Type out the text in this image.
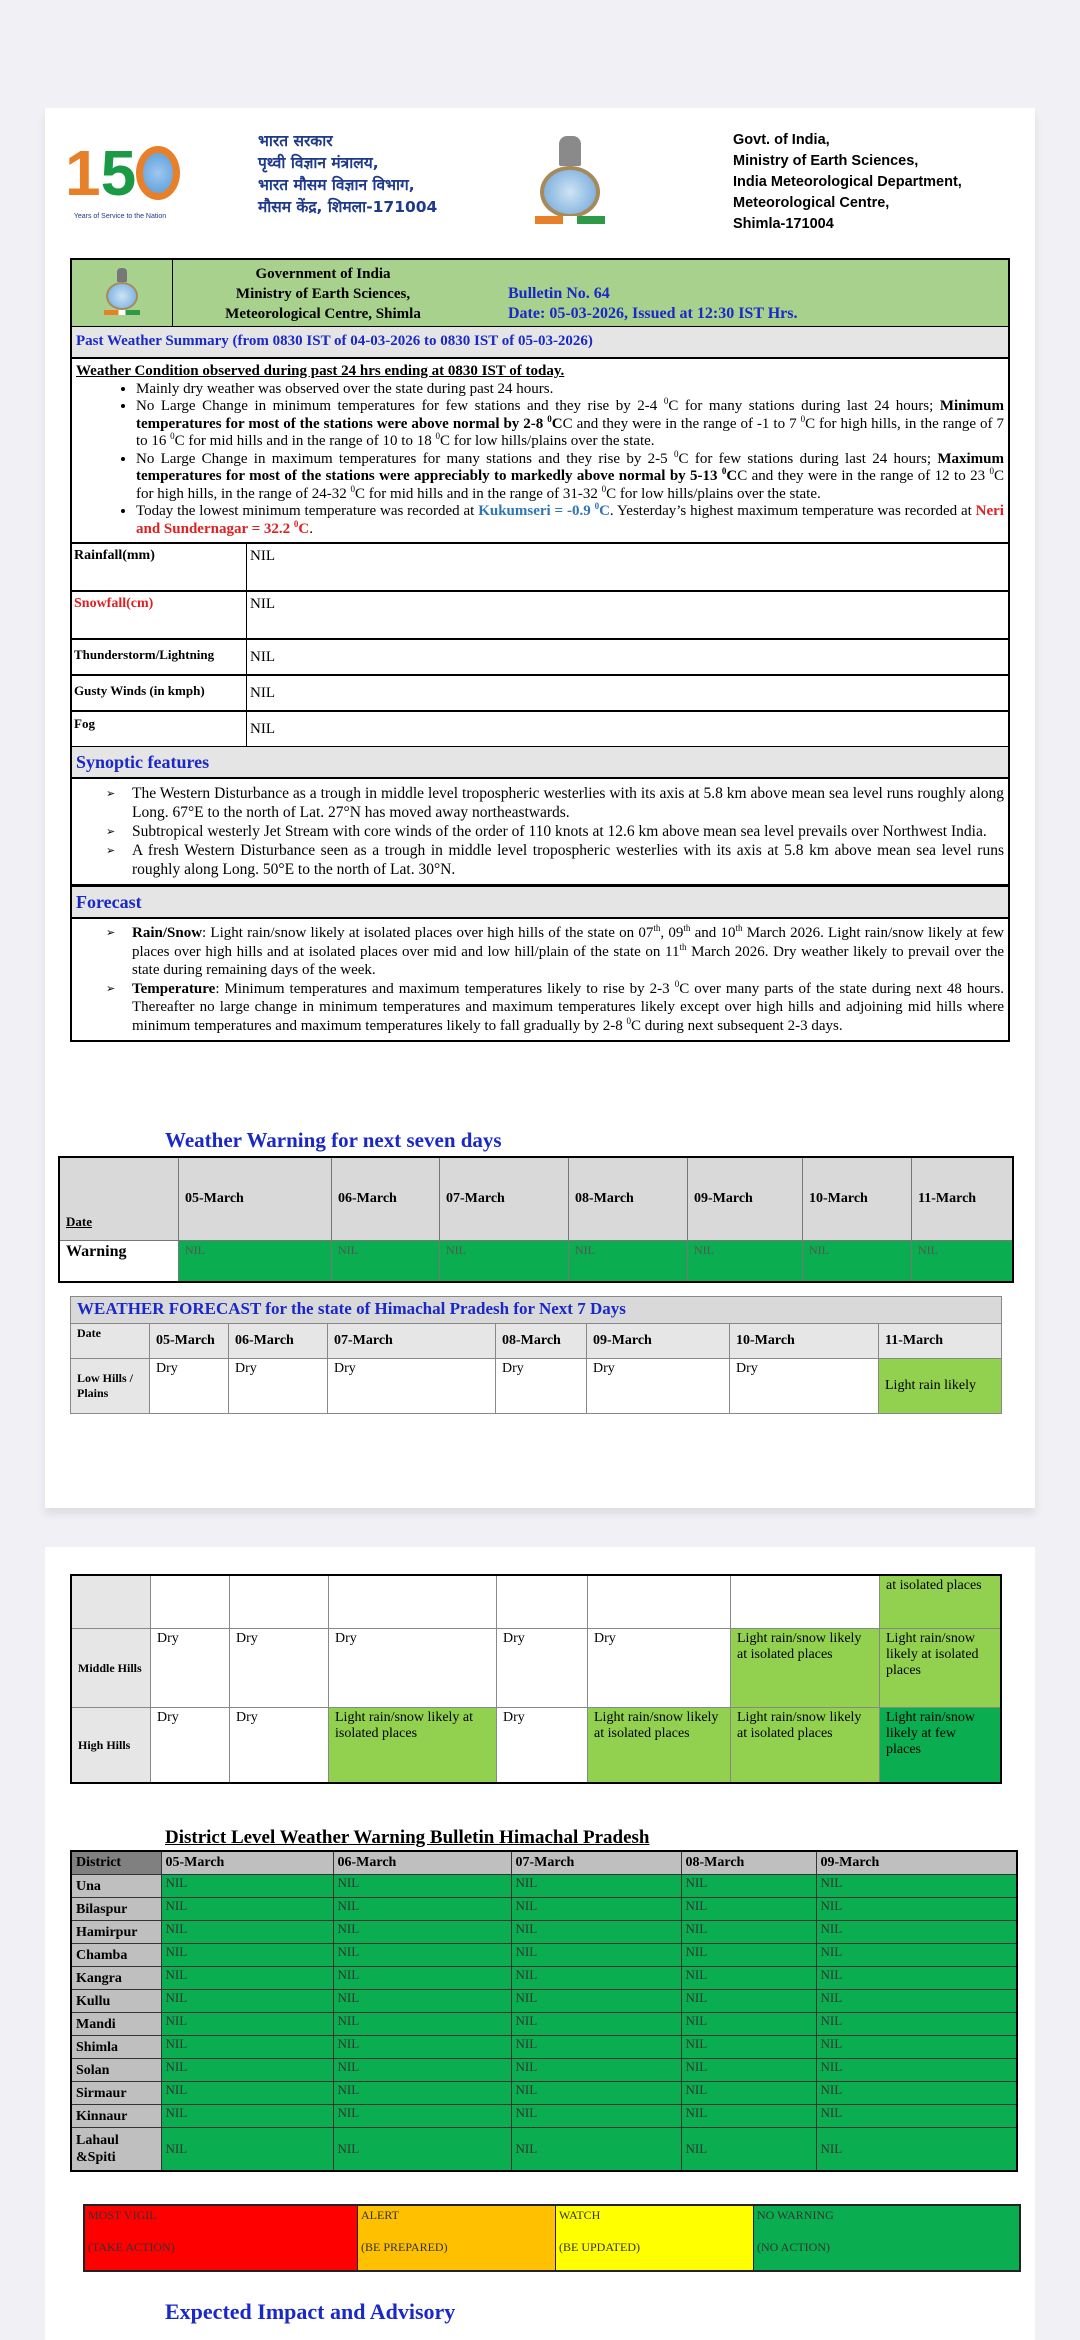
1 5
Years of Service to the Nation
भारत सरकार
पृथ्वी विज्ञान मंत्रालय,
भारत मौसम विज्ञान विभाग,
मौसम केंद्र, शिमला-171004
Govt. of India,
Ministry of Earth Sciences,
India Meteorological Department,
Meteorological Centre,
Shimla-171004
Government of India
Ministry of Earth Sciences,
Meteorological Centre, Shimla
Bulletin No. 64
Date: 05-03-2026, Issued at 12:30 IST Hrs.
Past Weather Summary (from 0830 IST of 04-03-2026 to 0830 IST of 05-03-2026)
Weather Condition observed during past 24 hrs ending at 0830 IST of today.
• Mainly dry weather was observed over the state during past 24 hours.
• No Large Change in minimum temperatures for few stations and they rise by 2-4 $^0$C for many stations during last 24 hours; Minimum temperatures for most of the stations were above normal by 2-8 $^0$CC and they were in the range of -1 to 7 $^0$C for high hills, in the range of 7 to 16 $^0$C for mid hills and in the range of 10 to 18 $^0$C for low hills/plains over the state.
• No Large Change in maximum temperatures for many stations and they rise by 2-5 $^0$C for few stations during last 24 hours; Maximum temperatures for most of the stations were appreciably to markedly above normal by 5-13 $^0$CC and they were in the range of 12 to 23 $^0$C for high hills, in the range of 24-32 $^0$C for mid hills and in the range of 31-32 $^0$C for low hills/plains over the state.
• Today the lowest minimum temperature was recorded at Kukumseri = -0.9 $^0$C. Yesterday’s highest maximum temperature was recorded at Neri and Sundernagar = 32.2 $^0$C.
Rainfall(mm)	NIL
Snowfall(cm)	NIL
Thunderstorm/Lightning	NIL
Gusty Winds (in kmph)	NIL
Fog	NIL
Synoptic features
➢ The Western Disturbance as a trough in middle level tropospheric westerlies with its axis at 5.8 km above mean sea level runs roughly along Long. 67°E to the north of Lat. 27°N has moved away northeastwards.
➢ Subtropical westerly Jet Stream with core winds of the order of 110 knots at 12.6 km above mean sea level prevails over Northwest India.
➢ A fresh Western Disturbance seen as a trough in middle level tropospheric westerlies with its axis at 5.8 km above mean sea level runs roughly along Long. 50°E to the north of Lat. 30°N.
Forecast
➢ Rain/Snow: Light rain/snow likely at isolated places over high hills of the state on 07th, 09th and 10th March 2026. Light rain/snow likely at few places over high hills and at isolated places over mid and low hill/plain of the state on 11th March 2026. Dry weather likely to prevail over the state during remaining days of the week.
➢ Temperature: Minimum temperatures and maximum temperatures likely to rise by 2-3 $^0$C over many parts of the state during next 48 hours. Thereafter no large change in minimum temperatures and maximum temperatures likely except over high hills and adjoining mid hills where minimum temperatures and maximum temperatures likely to fall gradually by 2-8 $^0$C during next subsequent 2-3 days.
Weather Warning for next seven days
Date	05-March	06-March	07-March	08-March	09-March	10-March	11-March
Warning	NIL	NIL	NIL	NIL	NIL	NIL	NIL
WEATHER FORECAST for the state of Himachal Pradesh for Next 7 Days							
Date	05-March	06-March	07-March	08-March	09-March	10-March	11-March
Low Hills / Plains	Dry	Dry	Dry	Dry	Dry	Dry	Light rain likely
							at isolated places
Middle Hills	Dry	Dry	Dry	Dry	Dry	Light rain/snow likely at isolated places	Light rain/snow likely at isolated places
High Hills	Dry	Dry	Light rain/snow likely at isolated places	Dry	Light rain/snow likely at isolated places	Light rain/snow likely at isolated places	Light rain/snow likely at few places
District Level Weather Warning Bulletin Himachal Pradesh
District	05-March	06-March	07-March	08-March	09-March
Una	NIL	NIL	NIL	NIL	NIL
Bilaspur	NIL	NIL	NIL	NIL	NIL
Hamirpur	NIL	NIL	NIL	NIL	NIL
Chamba	NIL	NIL	NIL	NIL	NIL
Kangra	NIL	NIL	NIL	NIL	NIL
Kullu	NIL	NIL	NIL	NIL	NIL
Mandi	NIL	NIL	NIL	NIL	NIL
Shimla	NIL	NIL	NIL	NIL	NIL
Solan	NIL	NIL	NIL	NIL	NIL
Sirmaur	NIL	NIL	NIL	NIL	NIL
Kinnaur	NIL	NIL	NIL	NIL	NIL
Lahaul &Spiti	NIL	NIL	NIL	NIL	NIL
MOST VIGIL
(TAKE ACTION)
ALERT
(BE PREPARED)
WATCH
(BE UPDATED)
NO WARNING
(NO ACTION)
Expected Impact and Advisory
